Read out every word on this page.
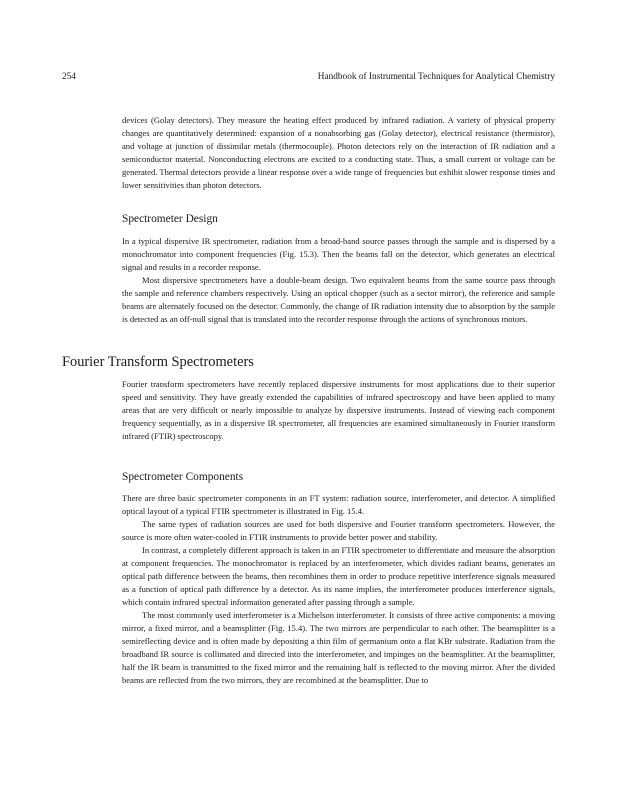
254	Handbook of Instrumental Techniques for Analytical Chemistry

devices (Golay detectors). They measure the heating effect produced by infrared radiation. A variety of physical property changes are quantitatively determined: expansion of a nonabsorbing gas (Golay detector), electrical resistance (thermistor), and voltage at junction of dissimilar metals (thermocouple). Photon detectors rely on the interaction of IR radiation and a semiconductor material. Nonconducting electrons are excited to a conducting state. Thus, a small current or voltage can be generated. Thermal detectors provide a linear response over a wide range of frequencies but exhibit slower response times and lower sensitivities than photon detectors.

Spectrometer Design

In a typical dispersive IR spectrometer, radiation from a broad-band source passes through the sample and is dispersed by a monochromator into component frequencies (Fig. 15.3). Then the beams fall on the detector, which generates an electrical signal and results in a recorder response.

Most dispersive spectrometers have a double-beam design. Two equivalent beams from the same source pass through the sample and reference chambers respectively. Using an optical chopper (such as a sector mirror), the reference and sample beams are alternately focused on the detector. Commonly, the change of IR radiation intensity due to absorption by the sample is detected as an off-null signal that is translated into the recorder response through the actions of synchronous motors.

Fourier Transform Spectrometers

Fourier transform spectrometers have recently replaced dispersive instruments for most applications due to their superior speed and sensitivity. They have greatly extended the capabilities of infrared spectroscopy and have been applied to many areas that are very difficult or nearly impossible to analyze by dispersive instruments. Instead of viewing each component frequency sequentially, as in a dispersive IR spectrometer, all frequencies are examined simultaneously in Fourier transform infrared (FTIR) spectroscopy.

Spectrometer Components

There are three basic spectrometer components in an FT system: radiation source, interferometer, and detector. A simplified optical layout of a typical FTIR spectrometer is illustrated in Fig. 15.4.

The same types of radiation sources are used for both dispersive and Fourier transform spectrometers. However, the source is more often water-cooled in FTIR instruments to provide better power and stability.

In contrast, a completely different approach is taken in an FTIR spectrometer to differentiate and measure the absorption at component frequencies. The monochromator is replaced by an interferometer, which divides radiant beams, generates an optical path difference between the beams, then recombines them in order to produce repetitive interference signals measured as a function of optical path difference by a detector. As its name implies, the interferometer produces interference signals, which contain infrared spectral information generated after passing through a sample.

The most commonly used interferometer is a Michelson interferometer. It consists of three active components: a moving mirror, a fixed mirror, and a beamsplitter (Fig. 15.4). The two mirrors are perpendicular to each other. The beamsplitter is a semireflecting device and is often made by depositing a thin film of germanium onto a flat KBr substrate. Radiation from the broadband IR source is collimated and directed into the interferometer, and impinges on the beamsplitter. At the beamsplitter, half the IR beam is transmitted to the fixed mirror and the remaining half is reflected to the moving mirror. After the divided beams are reflected from the two mirrors, they are recombined at the beamsplitter. Due to
